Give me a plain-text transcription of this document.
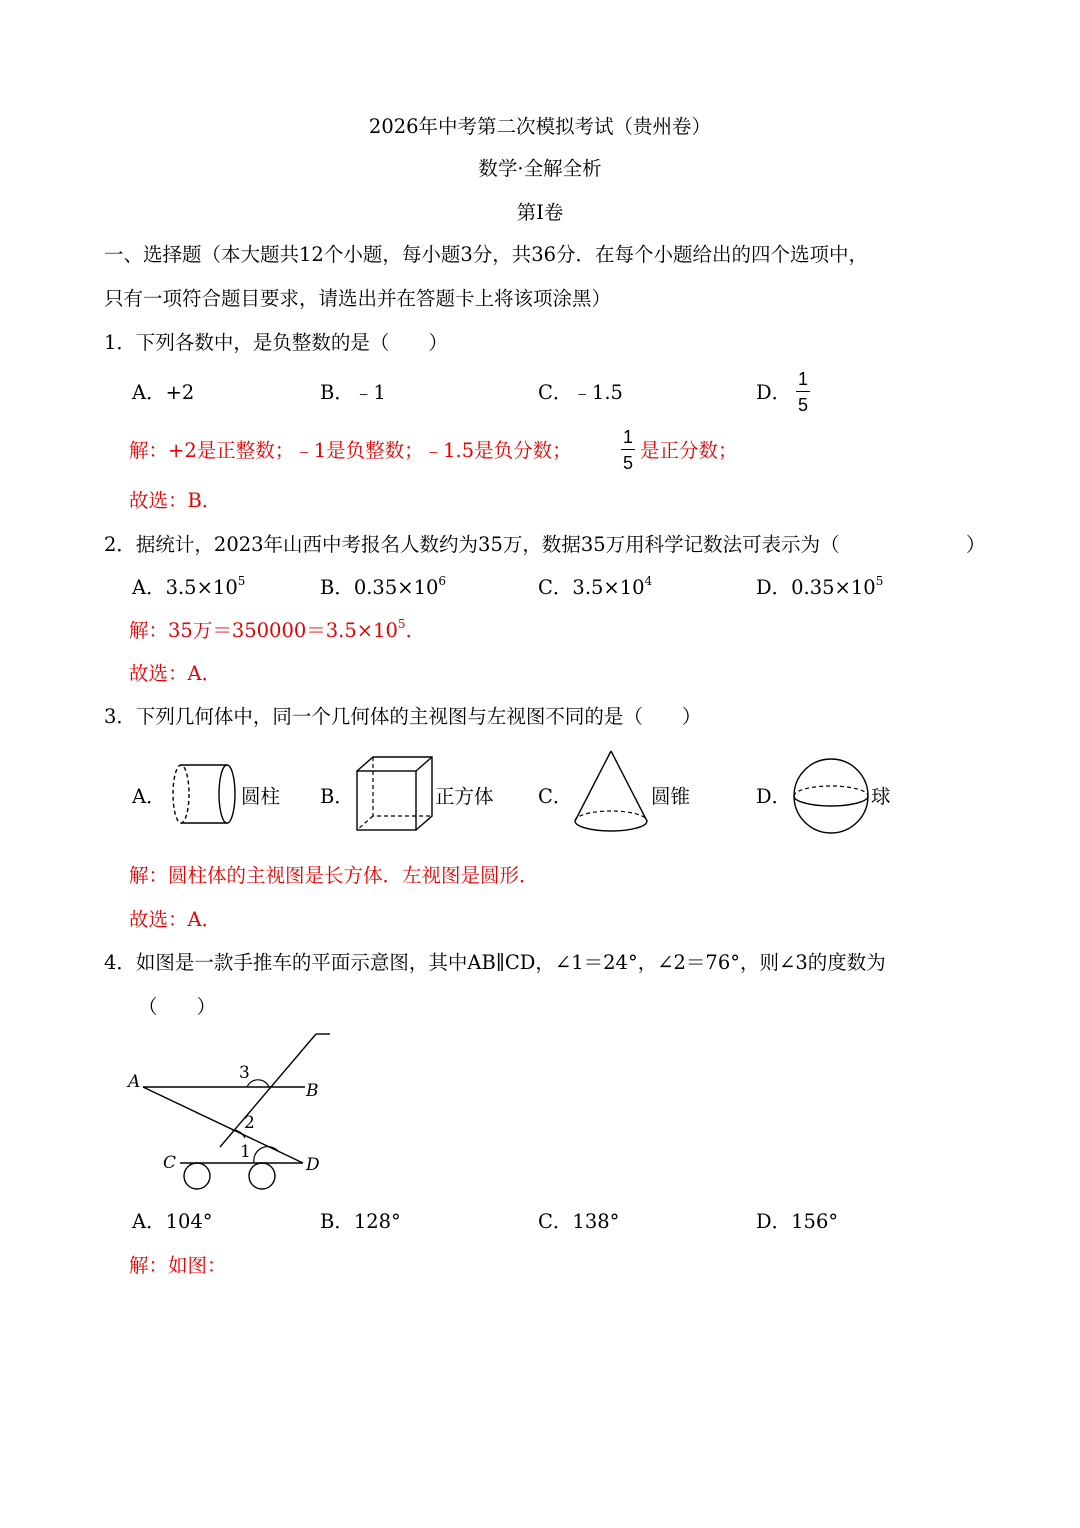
2026年中考第二次模拟考试（贵州卷）
数学·全解全析
第Ⅰ卷
一、选择题（本大题共12个小题，每小题3分，共36分．在每个小题给出的四个选项中，
只有一项符合题目要求，请选出并在答题卡上将该项涂黑）
1．下列各数中，是负整数的是（　　）
A．+2	B．﹣1	C．﹣1.5	D．
1
5
解：+2是正整数；﹣1是负整数；﹣1.5是负分数；
1
5
是正分数；
故选：B．
2．据统计，2023年山西中考报名人数约为35万，数据35万用科学记数法可表示为（	）
A．$3.5\times 10^5$	B．$0.35\times 10^6$	C．$3.5\times 10^4$	D．$0.35\times 10^5$
解：35万$=350000=3.5\times 10^5$．
故选：A．
3．下列几何体中，同一个几何体的主视图与左视图不同的是（　　）
A．	圆柱 B．	正方体 C．	圆锥	D．	球
解：圆柱体的主视图是长方体．左视图是圆形．
故选：A．
4．如图是一款手推车的平面示意图，其中AB∥CD，∠1＝24°，∠2＝76°，则∠3的度数为
（　　）
A	B
C	D
1
2
3
A．104°	B．128°	C．138°	D．156°
解：如图：
